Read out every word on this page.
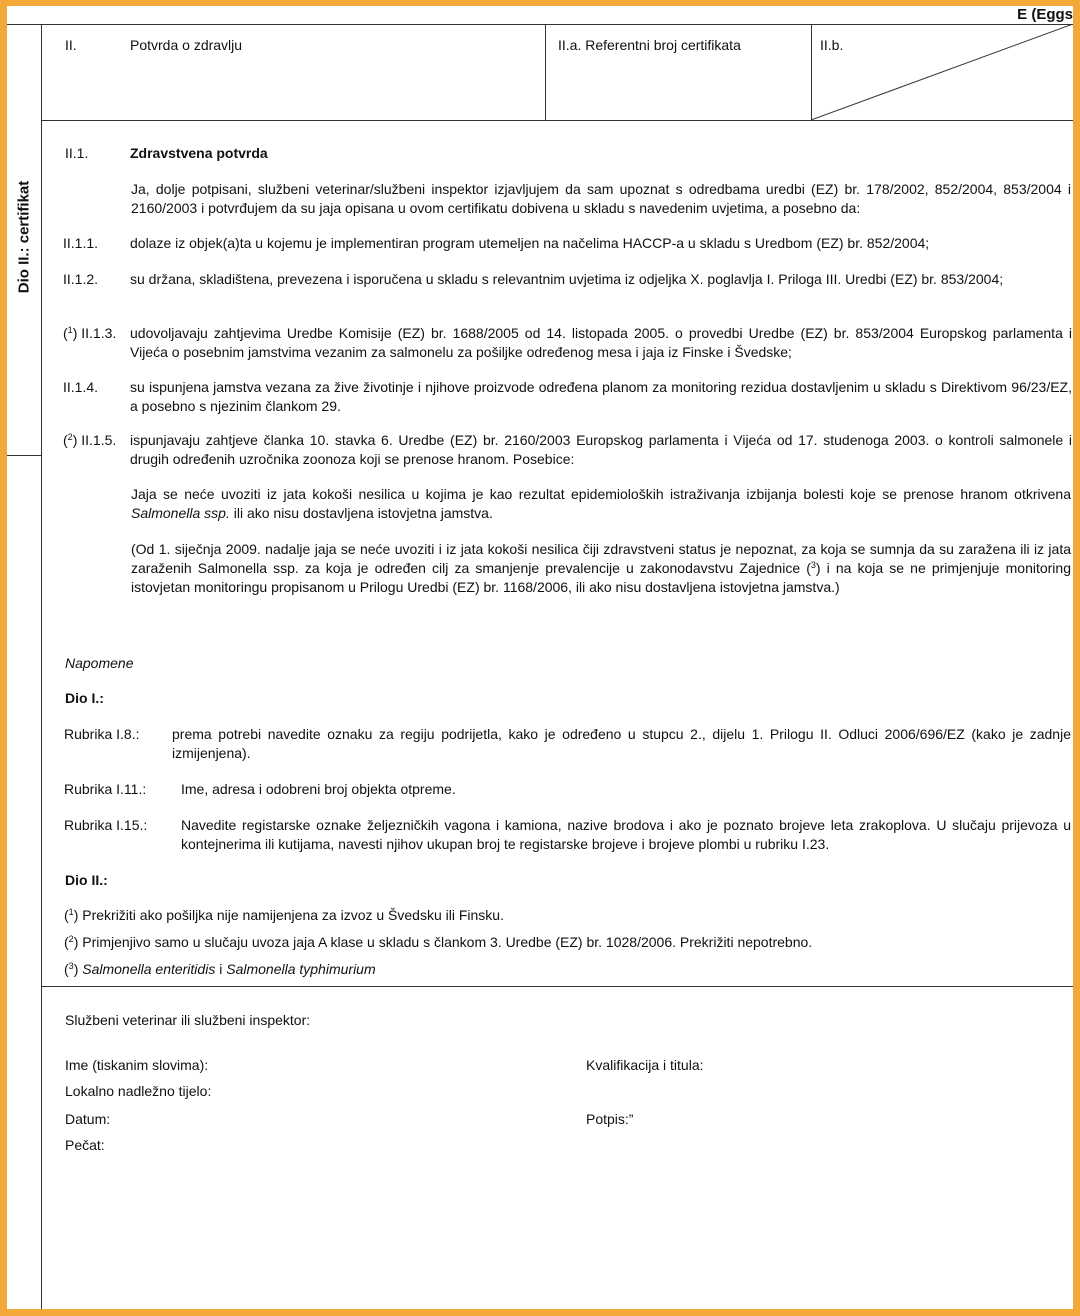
E (Eggs
II.	Potvrda o zdravlju	II.a. Referentni broj certifikata	II.b.
Dio II.: certifikat
II.1.	Zdravstvena potvrda
Ja, dolje potpisani, službeni veterinar/službeni inspektor izjavljujem da sam upoznat s odredbama uredbi (EZ) br. 178/2002, 852/2004, 853/2004 i 2160/2003 i potvrđujem da su jaja opisana u ovom certifikatu dobivena u skladu s navedenim uvjetima, a posebno da:
II.1.1. dolaze iz objek(a)ta u kojemu je implementiran program utemeljen na načelima HACCP-a u skladu s Uredbom (EZ) br. 852/2004;
II.1.2. su držana, skladištena, prevezena i isporučena u skladu s relevantnim uvjetima iz odjeljka X. poglavlja I. Priloga III. Uredbi (EZ) br. 853/2004;
($^1$) II.1.3. udovoljavaju zahtjevima Uredbe Komisije (EZ) br. 1688/2005 od 14. listopada 2005. o provedbi Uredbe (EZ) br. 853/2004 Europskog parlamenta i Vijeća o posebnim jamstvima vezanim za salmonelu za pošiljke određenog mesa i jaja iz Finske i Švedske;
II.1.4. su ispunjena jamstva vezana za žive životinje i njihove proizvode određena planom za monitoring rezidua dostavljenim u skladu s Direktivom 96/23/EZ, a posebno s njezinim člankom 29.
($^2$) II.1.5. ispunjavaju zahtjeve članka 10. stavka 6. Uredbe (EZ) br. 2160/2003 Europskog parlamenta i Vijeća od 17. studenoga 2003. o kontroli salmonele i drugih određenih uzročnika zoonoza koji se prenose hranom. Posebice:
Jaja se neće uvoziti iz jata kokoši nesilica u kojima je kao rezultat epidemioloških istraživanja izbijanja bolesti koje se prenose hranom otkrivena Salmonella ssp. ili ako nisu dostavljena istovjetna jamstva.
(Od 1. siječnja 2009. nadalje jaja se neće uvoziti i iz jata kokoši nesilica čiji zdravstveni status je nepoznat, za koja se sumnja da su zaražena ili iz jata zaraženih Salmonella ssp. za koja je određen cilj za smanjenje prevalencije u zakonodavstvu Zajednice ($^3$) i na koja se ne primjenjuje monitoring istovjetan monitoringu propisanom u Prilogu Uredbi (EZ) br. 1168/2006, ili ako nisu dostavljena istovjetna jamstva.)
Napomene
Dio I.:
Rubrika I.8.: prema potrebi navedite oznaku za regiju podrijetla, kako je određeno u stupcu 2., dijelu 1. Prilogu II. Odluci 2006/696/EZ (kako je zadnje izmijenjena).
Rubrika I.11.: Ime, adresa i odobreni broj objekta otpreme.
Rubrika I.15.: Navedite registarske oznake željezničkih vagona i kamiona, nazive brodova i ako je poznato brojeve leta zrakoplova. U slučaju prijevoza u kontejnerima ili kutijama, navesti njihov ukupan broj te registarske brojeve i brojeve plombi u rubriku I.23.
Dio II.:
($^1$) Prekrižiti ako pošiljka nije namijenjena za izvoz u Švedsku ili Finsku.
($^2$) Primjenjivo samo u slučaju uvoza jaja A klase u skladu s člankom 3. Uredbe (EZ) br. 1028/2006. Prekrižiti nepotrebno.
($^3$) Salmonella enteritidis i Salmonella typhimurium
Službeni veterinar ili službeni inspektor:
Ime (tiskanim slovima):	Kvalifikacija i titula:
Lokalno nadležno tijelo:
Datum:	Potpis:”
Pečat:
